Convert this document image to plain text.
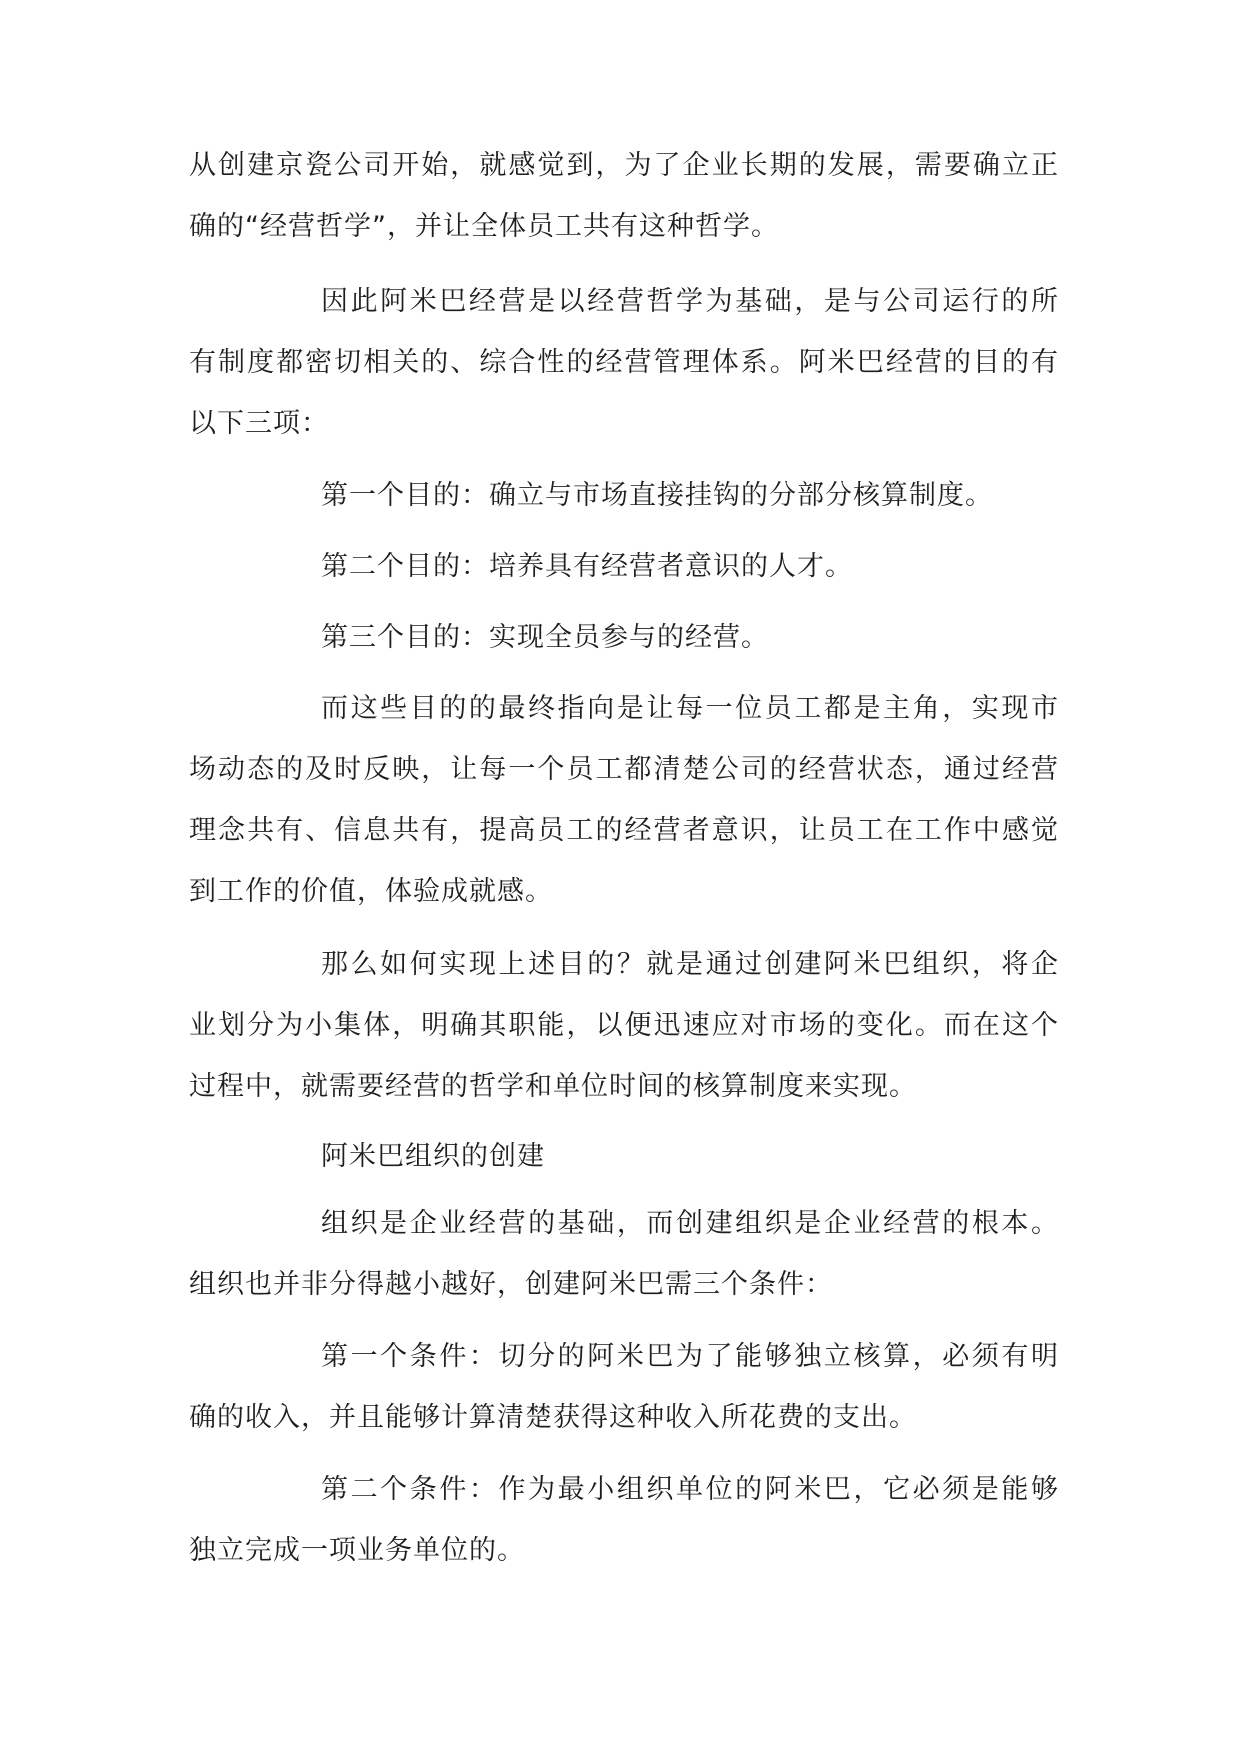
从创建京瓷公司开始，就感觉到，为了企业长期的发展，需要确立正
确的“经营哲学”，并让全体员工共有这种哲学。
因此阿米巴经营是以经营哲学为基础，是与公司运行的所
有制度都密切相关的、综合性的经营管理体系。阿米巴经营的目的有
以下三项：
第一个目的：确立与市场直接挂钩的分部分核算制度。
第二个目的：培养具有经营者意识的人才。
第三个目的：实现全员参与的经营。
而这些目的的最终指向是让每一位员工都是主角，实现市
场动态的及时反映，让每一个员工都清楚公司的经营状态，通过经营
理念共有、信息共有，提高员工的经营者意识，让员工在工作中感觉
到工作的价值，体验成就感。
那么如何实现上述目的？就是通过创建阿米巴组织，将企
业划分为小集体，明确其职能，以便迅速应对市场的变化。而在这个
过程中，就需要经营的哲学和单位时间的核算制度来实现。
阿米巴组织的创建
组织是企业经营的基础，而创建组织是企业经营的根本。
组织也并非分得越小越好，创建阿米巴需三个条件：
第一个条件：切分的阿米巴为了能够独立核算，必须有明
确的收入，并且能够计算清楚获得这种收入所花费的支出。
第二个条件：作为最小组织单位的阿米巴，它必须是能够
独立完成一项业务单位的。
